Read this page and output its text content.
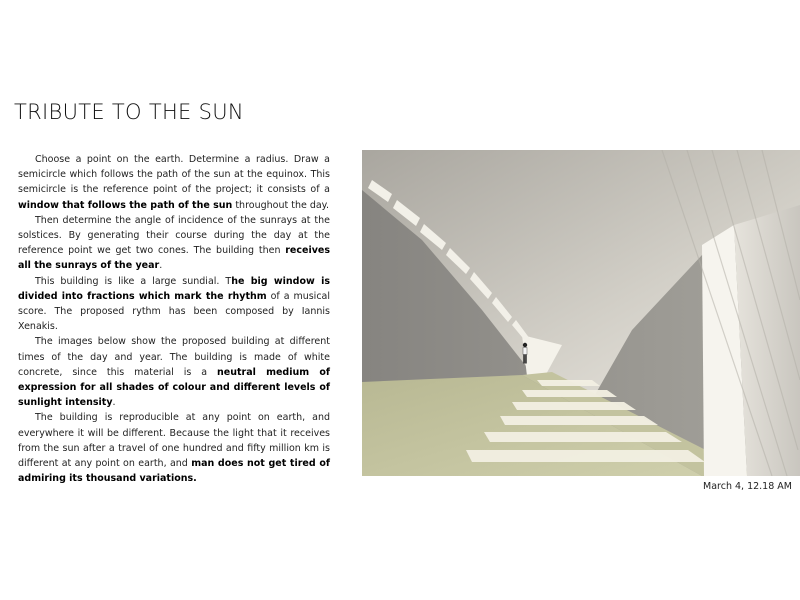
TRIBUTE TO THE SUN

Choose a point on the earth. Determine a radius. Draw a semicircle which follows the path of the sun at the equinox. This semicircle is the reference point of the project; it consists of a window that follows the path of the sun throughout the day.

Then determine the angle of incidence of the sunrays at the solstices. By generating their course during the day at the reference point we get two cones. The building then receives all the sunrays of the year.

This building is like a large sundial. The big window is divided into fractions which mark the rhythm of a musical score. The proposed rythm has been composed by Iannis Xenakis.

The images below show the proposed building at different times of the day and year. The building is made of white concrete, since this material is a neutral medium of expression for all shades of colour and different levels of sunlight intensity.

The building is reproducible at any point on earth, and everywhere it will be different. Because the light that it receives from the sun after a travel of one hundred and fifty million km is different at any point on earth, and man does not get tired of admiring its thousand variations.

March 4, 12.18 AM
